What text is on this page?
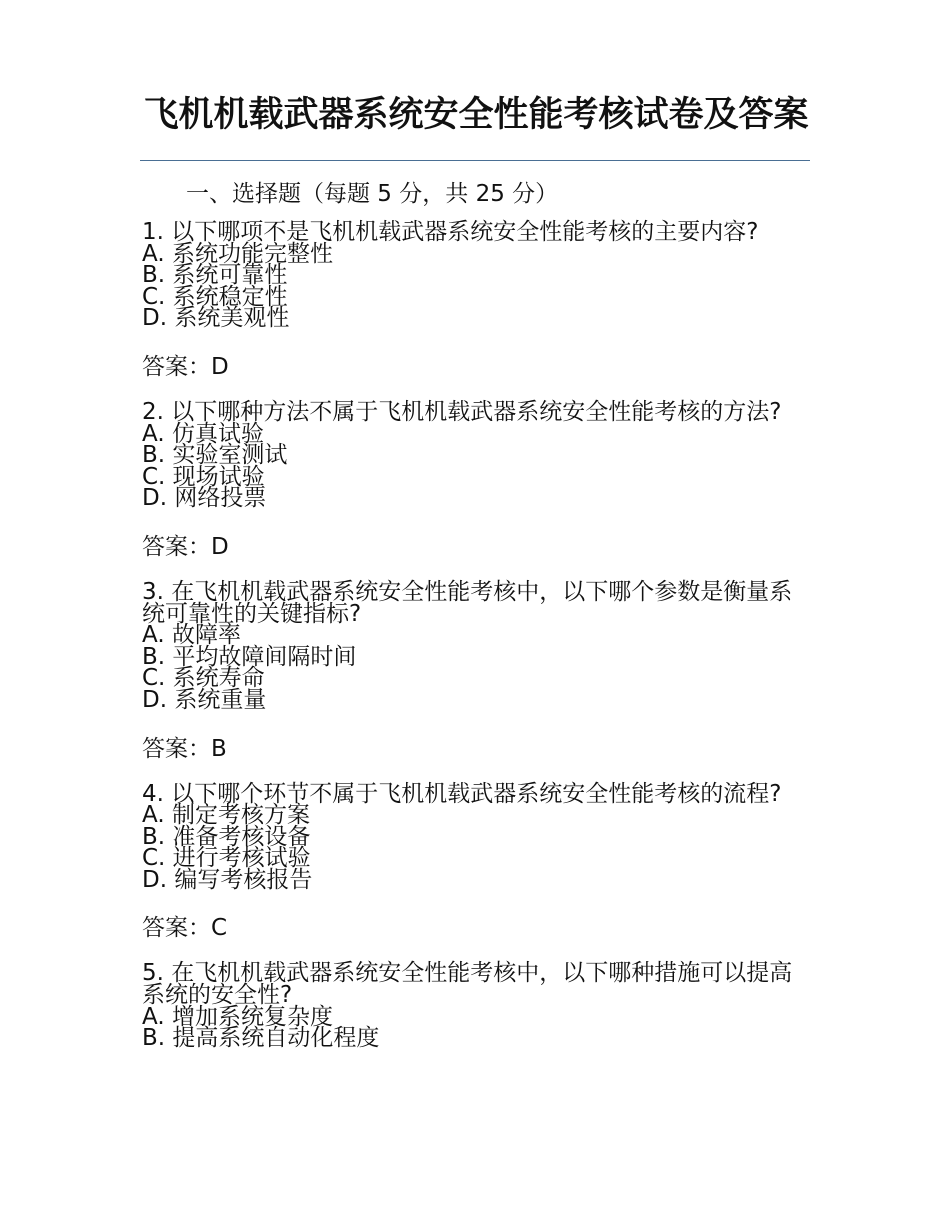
飞机机载武器系统安全性能考核试卷及答案

一、选择题（每题 5 分，共 25 分）

1. 以下哪项不是飞机机载武器系统安全性能考核的主要内容?

A. 系统功能完整性

B. 系统可靠性

C. 系统稳定性

D. 系统美观性

答案：D

2. 以下哪种方法不属于飞机机载武器系统安全性能考核的方法?

A. 仿真试验

B. 实验室测试

C. 现场试验

D. 网络投票

答案：D

3. 在飞机机载武器系统安全性能考核中，以下哪个参数是衡量系统可靠性的关键指标?

A. 故障率

B. 平均故障间隔时间

C. 系统寿命

D. 系统重量

答案：B

4. 以下哪个环节不属于飞机机载武器系统安全性能考核的流程?

A. 制定考核方案

B. 准备考核设备

C. 进行考核试验

D. 编写考核报告

答案：C

5. 在飞机机载武器系统安全性能考核中，以下哪种措施可以提高系统的安全性?

A. 增加系统复杂度

B. 提高系统自动化程度
